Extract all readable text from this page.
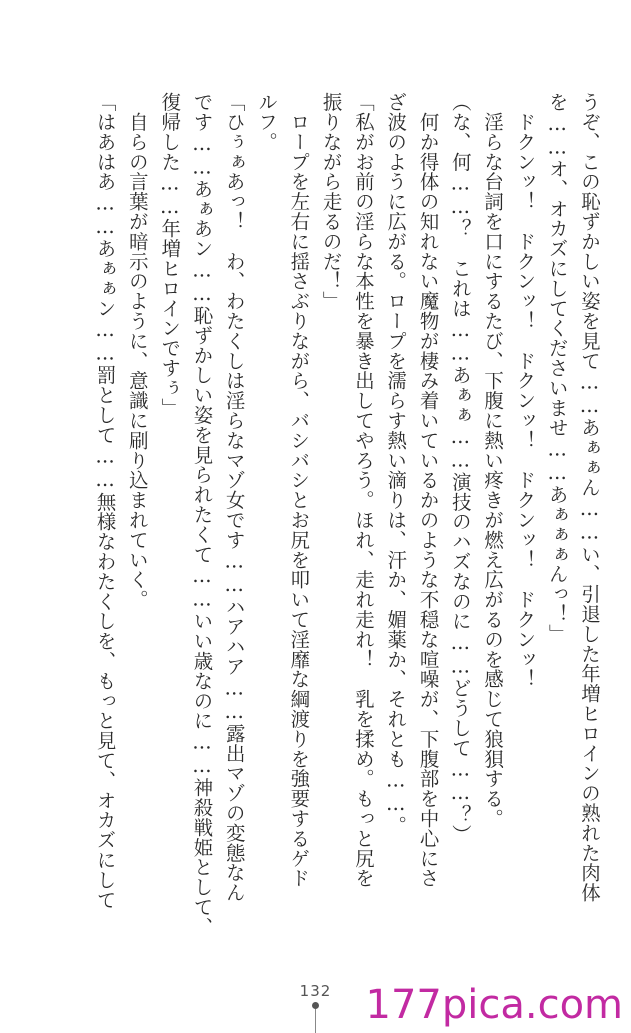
うぞ、この恥ずかしい姿を見て……あぁぁん……い、引退した年増ヒロインの熟れた肉体
を……オ、オカズにしてくださいませ……あぁぁぁんっ！」
　ドクンッ！　ドクンッ！　ドクンッ！　ドクンッ！　ドクンッ！
　淫らな台詞を口にするたび、下腹に熱い疼きが燃え広がるのを感じて狼狽する。
（な、何……？　これは……あぁぁ……演技のハズなのに……どうして……？）
　何か得体の知れない魔物が棲み着いているかのような不穏な喧噪が、下腹部を中心にさ
ざ波のように広がる。ロープを濡らす熱い滴りは、汗か、媚薬か、それとも……。
「私がお前の淫らな本性を暴き出してやろう。ほれ、走れ走れ！　乳を揉め。もっと尻を
振りながら走るのだ！」
　ロープを左右に揺さぶりながら、バシバシとお尻を叩いて淫靡な綱渡りを強要するゲド
ルフ。
「ひぅぁあっ！　わ、わたくしは淫らなマゾ女です……ハアハア……露出マゾの変態なん
です……あぁあン……恥ずかしい姿を見られたくて……いい歳なのに……神殺戦姫として、
復帰した……年増ヒロインですぅ」
　自らの言葉が暗示のように、意識に刷り込まれていく。
「はあはあ……あぁぁン……罰として……無様なわたくしを、もっと見て、オカズにして
132 177pica.com
